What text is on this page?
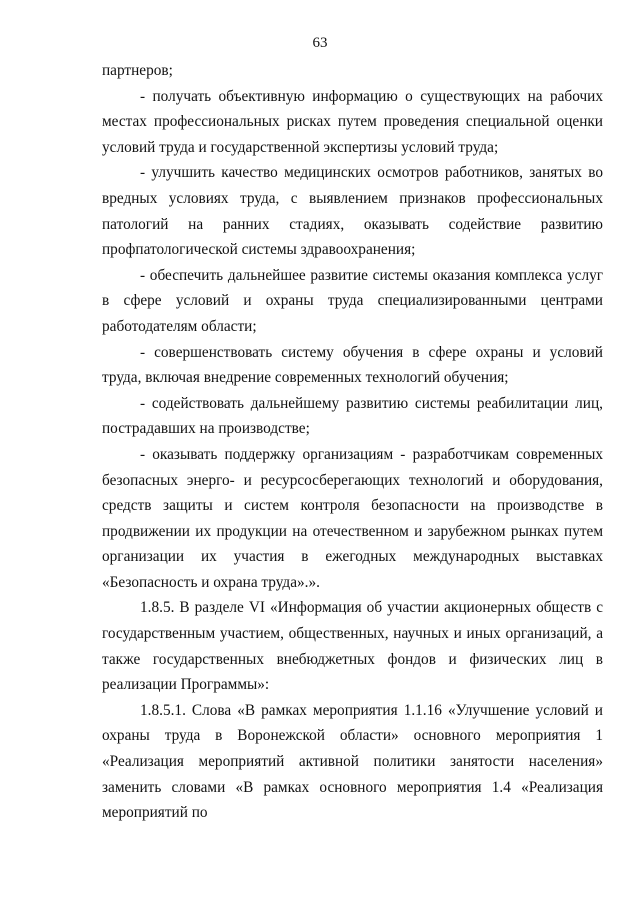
63

партнеров;

- получать объективную информацию о существующих на рабочих местах профессиональных рисках путем проведения специальной оценки условий труда и государственной экспертизы условий труда;

- улучшить качество медицинских осмотров работников, занятых во вредных условиях труда, с выявлением признаков профессиональных патологий на ранних стадиях, оказывать содействие развитию профпатологической системы здравоохранения;

- обеспечить дальнейшее развитие системы оказания комплекса услуг в сфере условий и охраны труда специализированными центрами работодателям области;

- совершенствовать систему обучения в сфере охраны и условий труда, включая внедрение современных технологий обучения;

- содействовать дальнейшему развитию системы реабилитации лиц, пострадавших на производстве;

- оказывать поддержку организациям - разработчикам современных безопасных энерго- и ресурсосберегающих технологий и оборудования, средств защиты и систем контроля безопасности на производстве в продвижении их продукции на отечественном и зарубежном рынках путем организации их участия в ежегодных международных выставках «Безопасность и охрана труда».».

1.8.5. В разделе VI «Информация об участии акционерных обществ с государственным участием, общественных, научных и иных организаций, а также государственных внебюджетных фондов и физических лиц в реализации Программы»:

1.8.5.1. Слова «В рамках мероприятия 1.1.16 «Улучшение условий и охраны труда в Воронежской области» основного мероприятия 1 «Реализация мероприятий активной политики занятости населения» заменить словами «В рамках основного мероприятия 1.4 «Реализация мероприятий по
